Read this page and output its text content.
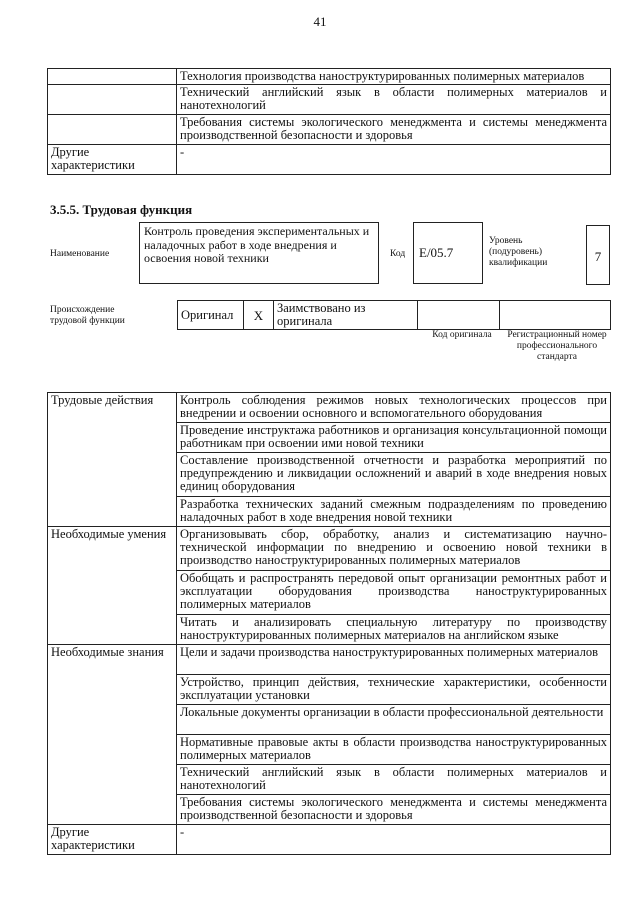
41
	Технология производства наноструктурированных полимерных материалов
	Технический английский язык в области полимерных материалов и нанотехнологий
	Требования системы экологического менеджмента и системы менеджмента производственной безопасности и здоровья
Другие характеристики	-
3.5.5. Трудовая функция
Наименование
Контроль проведения экспериментальных и наладочных работ в ходе внедрения и освоения новой техники	Код	E/05.7
Уровень (подуровень) квалификации	7
Происхождение трудовой функции	Оригинал	X	Заимствовано из оригинала		
Код оригинала	Регистрационный номер профессионального стандарта
Трудовые действия	Контроль соблюдения режимов новых технологических процессов при внедрении и освоении основного и вспомогательного оборудования
	Проведение инструктажа работников и организация консультационной помощи работникам при освоении ими новой техники
	Составление производственной отчетности и разработка мероприятий по предупреждению и ликвидации осложнений и аварий в ходе внедрения новых единиц оборудования
	Разработка технических заданий смежным подразделениям по проведению наладочных работ в ходе внедрения новой техники
Необходимые умения	Организовывать сбор, обработку, анализ и систематизацию научно-технической информации по внедрению и освоению новой техники в производство наноструктурированных полимерных материалов
	Обобщать и распространять передовой опыт организации ремонтных работ и эксплуатации оборудования производства наноструктурированных полимерных материалов
	Читать и анализировать специальную литературу по производству наноструктурированных полимерных материалов на английском языке
Необходимые знания	Цели и задачи производства наноструктурированных полимерных материалов
	Устройство, принцип действия, технические характеристики, особенности эксплуатации установки
	Локальные документы организации в области профессиональной деятельности
	Нормативные правовые акты в области производства наноструктурированных полимерных материалов
	Технический английский язык в области полимерных материалов и нанотехнологий
	Требования системы экологического менеджмента и системы менеджмента производственной безопасности и здоровья
Другие характеристики	-
